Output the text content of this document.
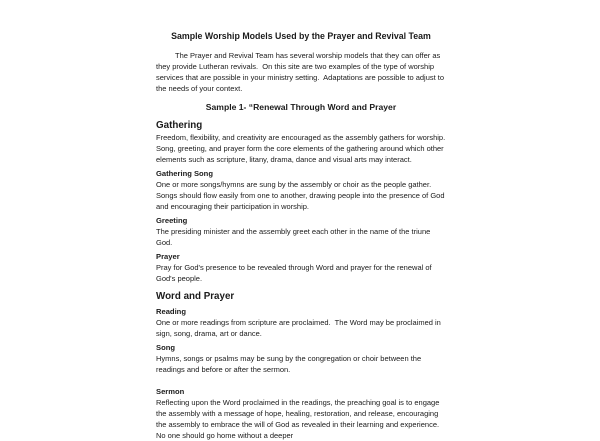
Sample Worship Models Used by the Prayer and Revival Team

The Prayer and Revival Team has several worship models that they can offer as they provide Lutheran revivals.  On this site are two examples of the type of worship services that are possible in your ministry setting.  Adaptations are possible to adjust to the needs of your context.

Sample 1- “Renewal Through Word and Prayer
Gathering

Freedom, flexibility, and creativity are encouraged as the assembly gathers for worship.  Song, greeting, and prayer form the core elements of the gathering around which other elements such as scripture, litany, drama, dance and visual arts may interact.

Gathering Song

One or more songs/hymns are sung by the assembly or choir as the people gather.  Songs should flow easily from one to another, drawing people into the presence of God and encouraging their participation in worship.

Greeting

The presiding minister and the assembly greet each other in the name of the triune God.

Prayer

Pray for God's presence to be revealed through Word and prayer for the renewal of God's people.

Word and Prayer

Reading

One or more readings from scripture are proclaimed.  The Word may be proclaimed in sign, song, drama, art or dance.

Song

Hymns, songs or psalms may be sung by the congregation or choir between the readings and before or after the sermon.

Sermon

Reflecting upon the Word proclaimed in the readings, the preaching goal is to engage the assembly with a message of hope, healing, restoration, and release, encouraging the assembly to embrace the will of God as revealed in their learning and experience.  No one should go home without a deeper
